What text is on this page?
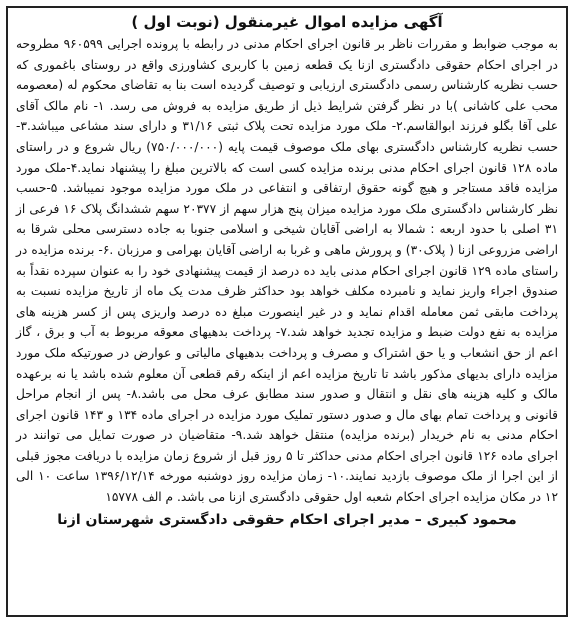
آگهی مزایده اموال غیرمنقول (نوبت اول )

به موجب ضوابط و مقررات ناظر بر قانون اجرای احکام مدنی در رابطه با پرونده اجرایی ۹۶۰۵۹۹ مطروحه در اجرای احکام حقوقی دادگستری ازنا یک قطعه زمین با کاربری کشاورزی واقع در روستای باغموری که حسب نظریه کارشناس رسمی دادگستری ارزیابی و توصیف گردیده است بنا به تقاضای محکوم له (معصومه محب علی کاشانی )با در نظر گرفتن شرایط ذیل از طریق مزایده به فروش می رسد. ۱- نام مالک آقای علی آقا بگلو فرزند ابوالقاسم.۲- ملک مورد مزایده تحت پلاک ثبتی ۳۱/۱۶ و دارای سند مشاعی میباشد.۳- حسب نظریه کارشناس دادگستری بهای ملک موصوف قیمت پایه (۷۵۰/۰۰۰/۰۰۰) ریال شروع و در راستای ماده ۱۲۸ قانون اجرای احکام مدنی برنده مزایده کسی است که بالاترین مبلغ را پیشنهاد نماید.۴-ملک مورد مزایده فاقد مستاجر و هیچ گونه حقوق ارتفاقی و انتفاعی در ملک مورد مزایده موجود نمیباشد. ۵-حسب نظر کارشناس دادگستری ملک مورد مزایده میزان پنج هزار سهم از ۲۰۳۷۷ سهم ششدانگ پلاک ۱۶ فرعی از ۳۱ اصلی با حدود اربعه : شمالا به اراضی آقایان شیخی و اسلامی جنوبا به جاده دسترسی محلی شرقا به اراضی مزروعی ازنا ( پلاک۳۰) و پرورش ماهی و غربا به اراضی آقایان بهرامی و مرزبان .۶- برنده مزایده در راستای ماده ۱۲۹ قانون اجرای احکام مدنی باید ده درصد از قیمت پیشنهادی خود را به عنوان سپرده نقداً به صندوق اجراء واریز نماید و نامبرده مکلف خواهد بود حداکثر ظرف مدت یک ماه از تاریخ مزایده نسبت به پرداخت مابقی ثمن معامله اقدام نماید و در غیر اینصورت مبلغ ده درصد واریزی پس از کسر هزینه های مزایده به نفع دولت ضبط و مزایده تجدید خواهد شد.۷- پرداخت بدهیهای معوقه مربوط به آب و برق ، گاز اعم از حق انشعاب و یا حق اشتراک و مصرف و پرداخت بدهیهای مالیاتی و عوارض در صورتیکه ملک مورد مزایده دارای بدیهای مذکور باشد تا تاریخ مزایده اعم از اینکه رقم قطعی آن معلوم شده باشد یا نه برعهده مالک و کلیه هزینه های نقل و انتقال و صدور سند مطابق عرف محل می باشد.۸- پس از انجام مراحل قانونی و پرداخت تمام بهای مال و صدور دستور تملیک مورد مزایده در اجرای ماده ۱۳۴ و ۱۴۳ قانون اجرای احکام مدنی به نام خریدار (برنده مزایده) منتقل خواهد شد.۹- متقاضیان در صورت تمایل می توانند در اجرای ماده ۱۲۶ قانون اجرای احکام مدنی حداکثر تا ۵ روز قبل از شروع زمان مزایده با دریافت مجوز قبلی از این اجرا از ملک موصوف بازدید نمایند.۱۰- زمان مزایده روز دوشنبه مورخه ۱۳۹۶/۱۲/۱۴ ساعت ۱۰ الی ۱۲ در مکان مزایده اجرای احکام شعبه اول حقوقی دادگستری ازنا می باشد. م الف ۱۵۷۷۸

محمود کبیری – مدیر اجرای احکام حقوقی دادگستری شهرستان ازنا
